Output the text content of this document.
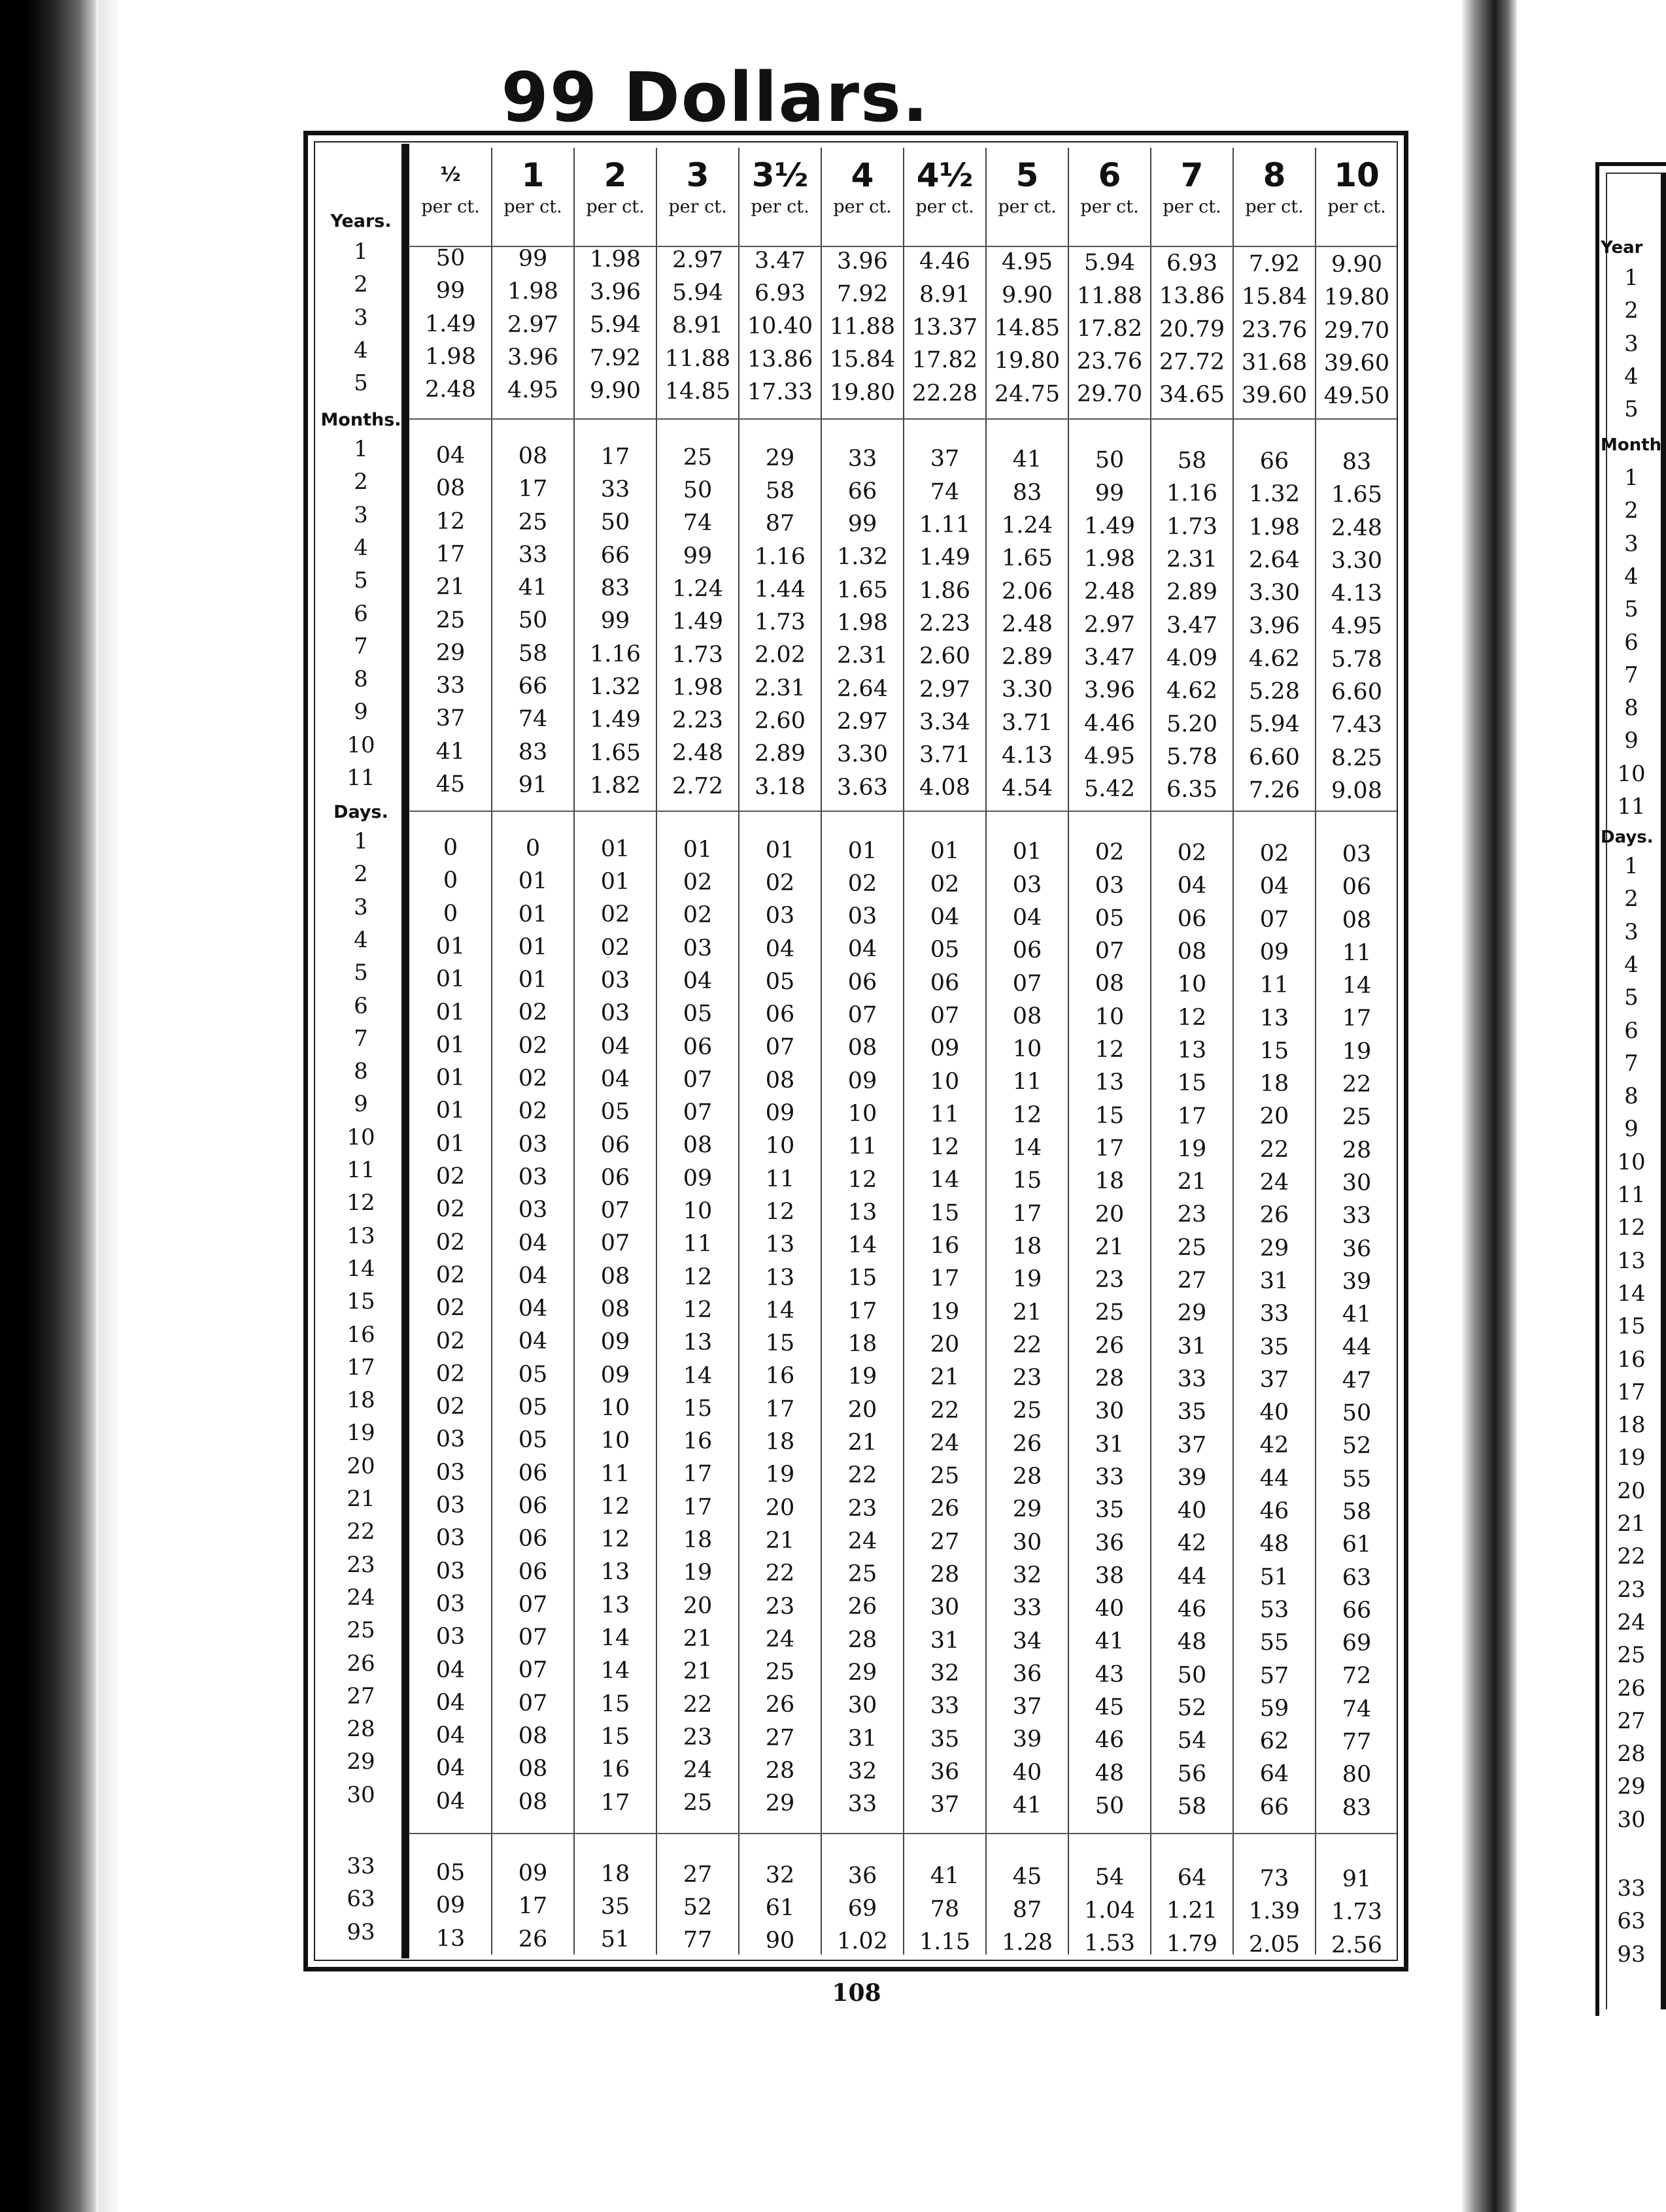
99 Dollars.
½
per ct.
1
per ct.
2
per ct.
3
per ct.
3½
per ct.
4
per ct.
4½
per ct.
5
per ct.
6
per ct.
7
per ct.
8
per ct.
10
per ct.
Years.
1	50	99	1.98	2.97	3.47	3.96	4.46	4.95	5.94	6.93	7.92	9.90
2	99	1.98	3.96	5.94	6.93	7.92	8.91	9.90	11.88 13.86 15.84 19.80
3	1.49	2.97	5.94	8.91	10.40 11.88 13.37 14.85 17.82 20.79 23.76 29.70
4	1.98	3.96	7.92	11.88 13.86 15.84 17.82 19.80 23.76 27.72 31.68 39.60
5	2.48	4.95	9.90	14.85 17.33 19.80 22.28 24.75 29.70 34.65 39.60 49.50
Months.
1	04	08	17	25	29	33	37	41	50	58	66	83
2	08	17	33	50	58	66	74	83	99	1.16	1.32	1.65
3	12	25	50	74	87	99	1.11	1.24	1.49	1.73	1.98	2.48
4	17	33	66	99	1.16	1.32	1.49	1.65	1.98	2.31	2.64	3.30
5	21	41	83	1.24	1.44	1.65	1.86	2.06	2.48	2.89	3.30	4.13
6	25	50	99	1.49	1.73	1.98	2.23	2.48	2.97	3.47	3.96	4.95
7	29	58	1.16	1.73	2.02	2.31	2.60	2.89	3.47	4.09	4.62	5.78
8	33	66	1.32	1.98	2.31	2.64	2.97	3.30	3.96	4.62	5.28	6.60
9	37	74	1.49	2.23	2.60	2.97	3.34	3.71	4.46	5.20	5.94	7.43
10	41	83	1.65	2.48	2.89	3.30	3.71	4.13	4.95	5.78	6.60	8.25
11	45	91	1.82	2.72	3.18	3.63	4.08	4.54	5.42	6.35	7.26	9.08
Days.
1	0	0	01	01	01	01	01	01	02	02	02	03
2	0	01	01	02	02	02	02	03	03	04	04	06
3	0	01	02	02	03	03	04	04	05	06	07	08
4	01	01	02	03	04	04	05	06	07	08	09	11
5	01	01	03	04	05	06	06	07	08	10	11	14
6	01	02	03	05	06	07	07	08	10	12	13	17
7	01	02	04	06	07	08	09	10	12	13	15	19
8	01	02	04	07	08	09	10	11	13	15	18	22
9	01	02	05	07	09	10	11	12	15	17	20	25
10	01	03	06	08	10	11	12	14	17	19	22	28
11	02	03	06	09	11	12	14	15	18	21	24	30
12	02	03	07	10	12	13	15	17	20	23	26	33
13	02	04	07	11	13	14	16	18	21	25	29	36
14	02	04	08	12	13	15	17	19	23	27	31	39
15	02	04	08	12	14	17	19	21	25	29	33	41
16	02	04	09	13	15	18	20	22	26	31	35	44
17	02	05	09	14	16	19	21	23	28	33	37	47
18	02	05	10	15	17	20	22	25	30	35	40	50
19	03	05	10	16	18	21	24	26	31	37	42	52
20	03	06	11	17	19	22	25	28	33	39	44	55
21	03	06	12	17	20	23	26	29	35	40	46	58
22	03	06	12	18	21	24	27	30	36	42	48	61
23	03	06	13	19	22	25	28	32	38	44	51	63
24	03	07	13	20	23	26	30	33	40	46	53	66
25	03	07	14	21	24	28	31	34	41	48	55	69
26	04	07	14	21	25	29	32	36	43	50	57	72
27	04	07	15	22	26	30	33	37	45	52	59	74
28	04	08	15	23	27	31	35	39	46	54	62	77
29	04	08	16	24	28	32	36	40	48	56	64	80
30	04	08	17	25	29	33	37	41	50	58	66	83
33	05	09	18	27	32	36	41	45	54	64	73	91
63	09	17	35	52	61	69	78	87	1.04	1.21	1.39	1.73
93	13	26	51	77	90	1.02	1.15	1.28	1.53	1.79	2.05	2.56
108
Year
1
2
3
4
5
Month
1
2
3
4
5
6
7
8
9
10
11
Days.
1
2
3
4
5
6
7
8
9
10
11
12
13
14
15
16
17
18
19
20
21
22
23
24
25
26
27
28
29
30
33
63
93
